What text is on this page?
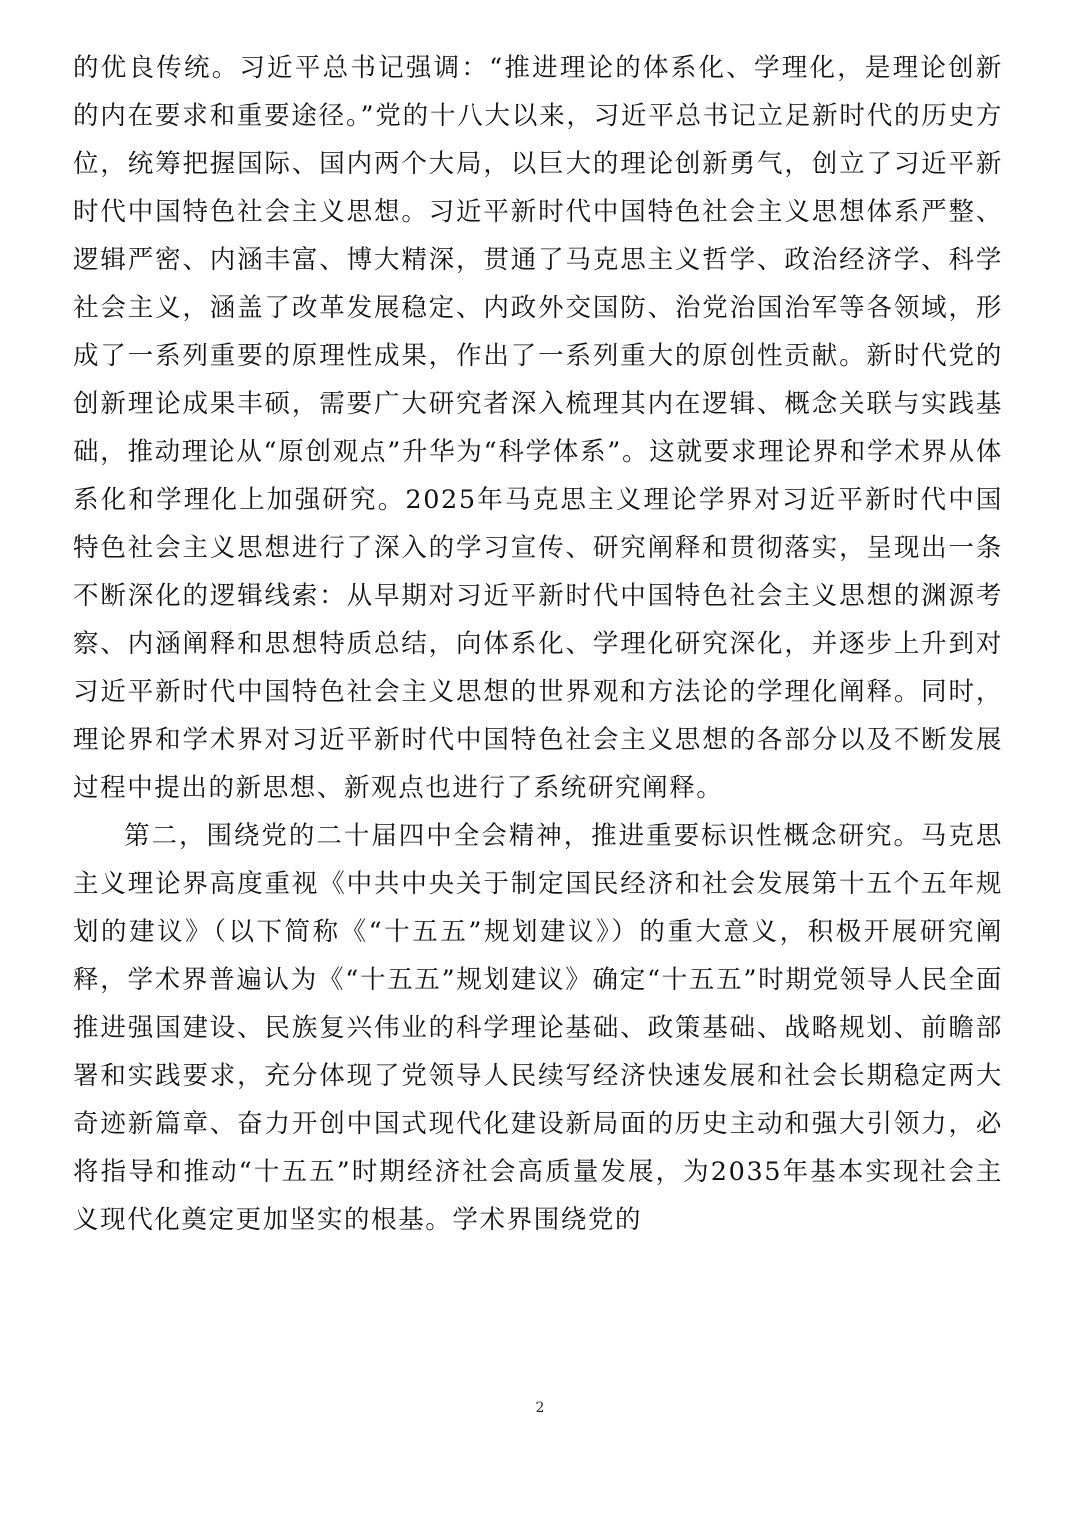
的优良传统。习近平总书记强调：“推进理论的体系化、学理化，是理论创新的内在要求和重要途径。”党的十八大以来，习近平总书记立足新时代的历史方位，统筹把握国际、国内两个大局，以巨大的理论创新勇气，创立了习近平新时代中国特色社会主义思想。习近平新时代中国特色社会主义思想体系严整、逻辑严密、内涵丰富、博大精深，贯通了马克思主义哲学、政治经济学、科学社会主义，涵盖了改革发展稳定、内政外交国防、治党治国治军等各领域，形成了一系列重要的原理性成果，作出了一系列重大的原创性贡献。新时代党的创新理论成果丰硕，需要广大研究者深入梳理其内在逻辑、概念关联与实践基础，推动理论从“原创观点”升华为“科学体系”。这就要求理论界和学术界从体系化和学理化上加强研究。2025年马克思主义理论学界对习近平新时代中国特色社会主义思想进行了深入的学习宣传、研究阐释和贯彻落实，呈现出一条不断深化的逻辑线索：从早期对习近平新时代中国特色社会主义思想的渊源考察、内涵阐释和思想特质总结，向体系化、学理化研究深化，并逐步上升到对习近平新时代中国特色社会主义思想的世界观和方法论的学理化阐释。同时，理论界和学术界对习近平新时代中国特色社会主义思想的各部分以及不断发展过程中提出的新思想、新观点也进行了系统研究阐释。

第二，围绕党的二十届四中全会精神，推进重要标识性概念研究。马克思主义理论界高度重视《中共中央关于制定国民经济和社会发展第十五个五年规划的建议》（以下简称《“十五五”规划建议》）的重大意义，积极开展研究阐释，学术界普遍认为《“十五五”规划建议》确定“十五五”时期党领导人民全面推进强国建设、民族复兴伟业的科学理论基础、政策基础、战略规划、前瞻部署和实践要求，充分体现了党领导人民续写经济快速发展和社会长期稳定两大奇迹新篇章、奋力开创中国式现代化建设新局面的历史主动和强大引领力，必将指导和推动“十五五”时期经济社会高质量发展，为2035年基本实现社会主义现代化奠定更加坚实的根基。学术界围绕党的

2
